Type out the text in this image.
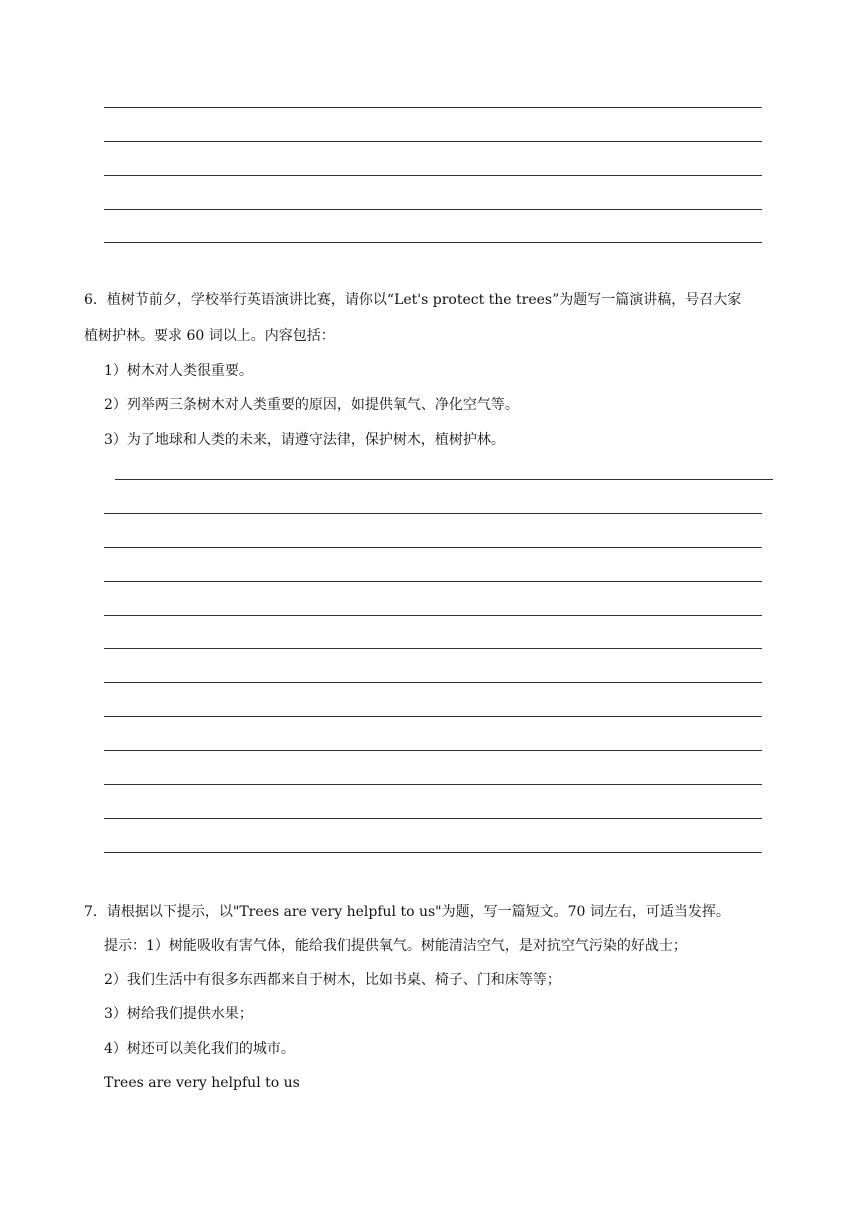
6．植树节前夕，学校举行英语演讲比赛，请你以“Let's protect the trees”为题写一篇演讲稿，号召大家
植树护林。要求 60 词以上。内容包括：
1）树木对人类很重要。
2）列举两三条树木对人类重要的原因，如提供氧气、净化空气等。
3）为了地球和人类的未来，请遵守法律，保护树木，植树护林。
7．请根据以下提示，以"Trees are very helpful to us"为题，写一篇短文。70 词左右，可适当发挥。
提示：1）树能吸收有害气体，能给我们提供氧气。树能清洁空气，是对抗空气污染的好战士；
2）我们生活中有很多东西都来自于树木，比如书桌、椅子、门和床等等；
3）树给我们提供水果；
4）树还可以美化我们的城市。
Trees are very helpful to us
